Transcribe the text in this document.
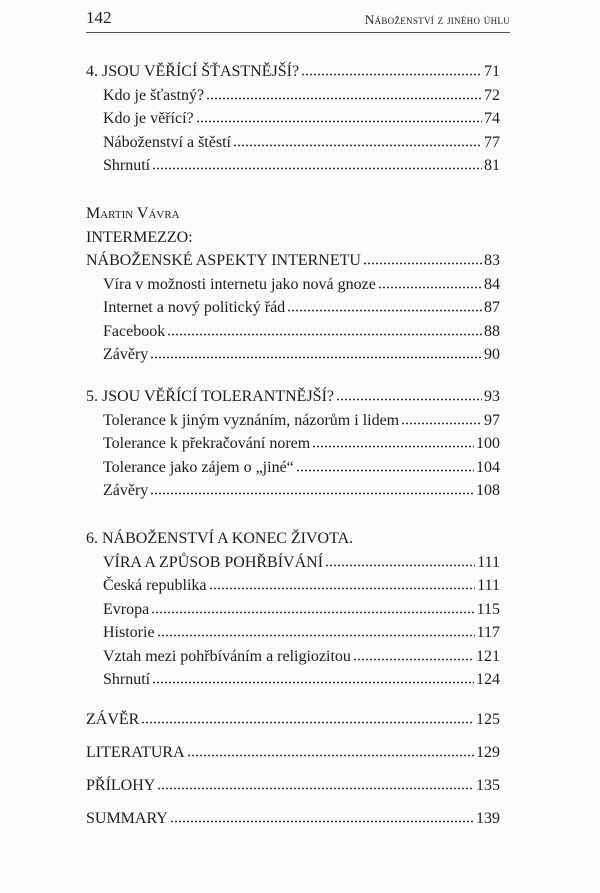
142	Náboženství z jiného úhlu
4. JSOU VĚŘÍCÍ ŠŤASTNĚJŠÍ?	71
Kdo je šťastný?	72
Kdo je věřící?	74
Náboženství a štěstí	77
Shrnutí	81
Martin Vávra
INTERMEZZO:
NÁBOŽENSKÉ ASPEKTY INTERNETU	83
Víra v možnosti internetu jako nová gnoze	84
Internet a nový politický řád	87
Facebook	88
Závěry	90
5. JSOU VĚŘÍCÍ TOLERANTNĚJŠÍ?	93
Tolerance k jiným vyznáním, názorům i lidem	97
Tolerance k překračování norem	100
Tolerance jako zájem o „jiné“	104
Závěry	108
6. NÁBOŽENSTVÍ A KONEC ŽIVOTA.
VÍRA A ZPŮSOB POHŘBÍVÁNÍ	111
Česká republika	111
Evropa	115
Historie	117
Vztah mezi pohřbíváním a religiozitou	121
Shrnutí	124
ZÁVĚR	125
LITERATURA	129
PŘÍLOHY	135
SUMMARY	139
